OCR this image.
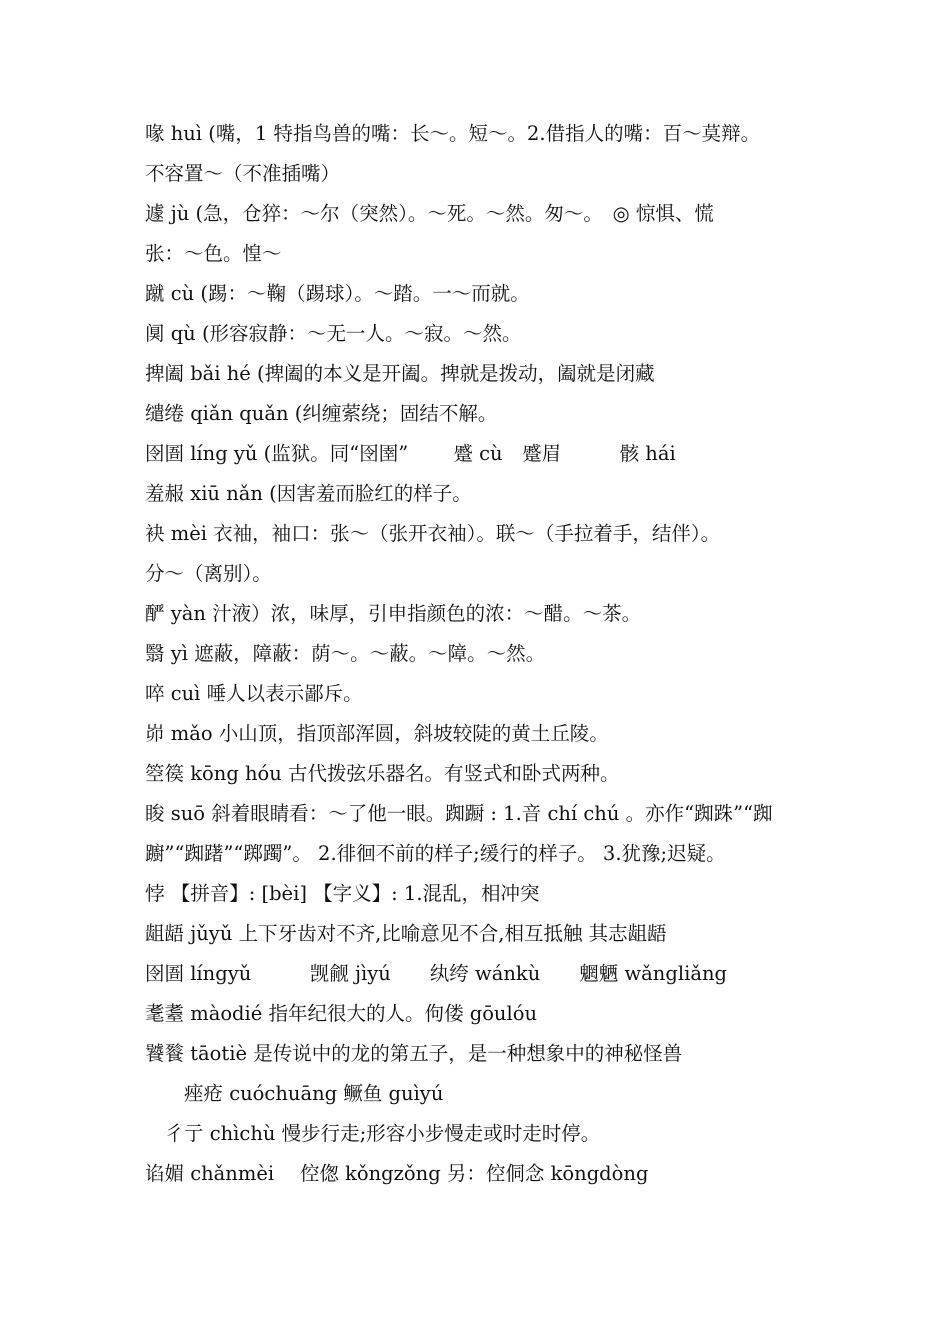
喙 huì (嘴，1 特指鸟兽的嘴：长～。短～。2.借指人的嘴：百～莫辩。
不容置～（不准插嘴）
遽 jù (急，仓猝：～尔（突然）。～死。～然。匆～。　◎ 惊惧、慌
张：～色。惶～
蹴 cù (踢：～鞠（踢球）。～踏。一～而就。
阒 qù (形容寂静：～无一人。～寂。～然。
捭阖 bǎi hé (捭阖的本义是开阖。捭就是拨动，阖就是闭藏
缱绻 qiǎn quǎn (纠缠萦绕；固结不解。
囹圄 líng yǔ (监狱。同“囹圉”　　 蹙 cù　蹙眉　　　骸 hái
羞赧 xiū nǎn (因害羞而脸红的样子。
袂 mèi 衣袖，袖口：张～（张开衣袖）。联～（手拉着手，结伴）。
分～（离别）。
酽 yàn 汁液）浓，味厚，引申指颜色的浓：～醋。～茶。
翳 yì 遮蔽，障蔽：荫～。～蔽。～障。～然。
啐 cuì 唾人以表示鄙斥。
峁 mǎo 小山顶，指顶部浑圆，斜坡较陡的黄土丘陵。
箜篌 kōng hóu 古代拨弦乐器名。有竖式和卧式两种。
睃 suō 斜着眼睛看：～了他一眼。踟蹰 : 1.音 chí chú 。亦作“踟跦”“踟
躕”“踟躇”“踯躅”。 2.徘徊不前的样子;缓行的样子。 3.犹豫;迟疑。
悖 【拼音】: [bèi] 【字义】: 1.混乱，相冲突
龃龉 jǔyǔ 上下牙齿对不齐,比喻意见不合,相互抵触 其志龃龉
囹圄 língyǔ　　　觊觎 jìyú　　纨绔 wánkù　　魍魉 wǎngliǎng
耄耋 màodié 指年纪很大的人。佝偻 gōulóu
饕餮 tāotiè 是传说中的龙的第五子，是一种想象中的神秘怪兽
　　痤疮 cuóchuāng 鳜鱼 guìyú
　彳亍 chìchù 慢步行走;形容小步慢走或时走时停。
谄媚 chǎnmèi　 倥偬 kǒngzǒng 另：倥侗念 kōngdòng
